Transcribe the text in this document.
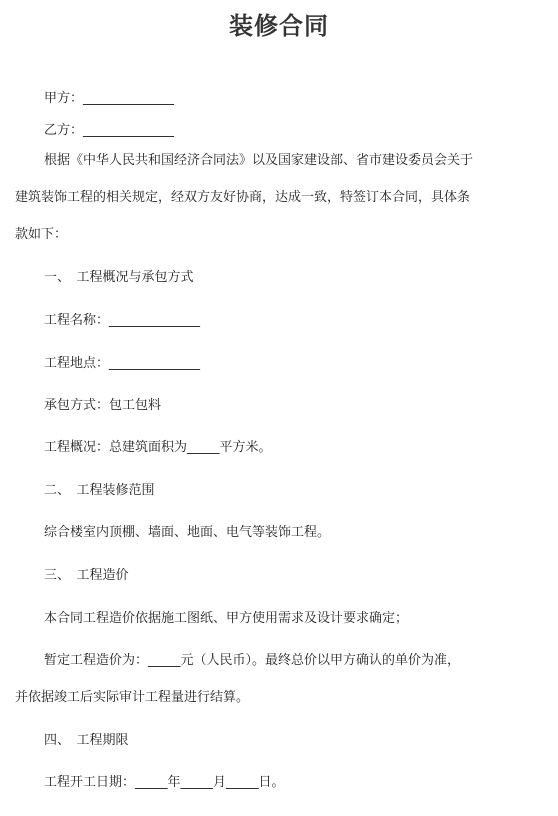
装修合同
甲方：______________
乙方：______________
根据《中华人民共和国经济合同法》以及国家建设部、省市建设委员会关于
建筑装饰工程的相关规定，经双方友好协商，达成一致，特签订本合同，具体条
款如下：
一、　工程概况与承包方式
工程名称：______________
工程地点：______________
承包方式：包工包料
工程概况：总建筑面积为_____平方米。
二、　工程装修范围
综合楼室内顶棚、墙面、地面、电气等装饰工程。
三、　工程造价
本合同工程造价依据施工图纸、甲方使用需求及设计要求确定；
暂定工程造价为：_____元（人民币）。最终总价以甲方确认的单价为准，
并依据竣工后实际审计工程量进行结算。
四、　工程期限
工程开工日期：_____年_____月_____日。
